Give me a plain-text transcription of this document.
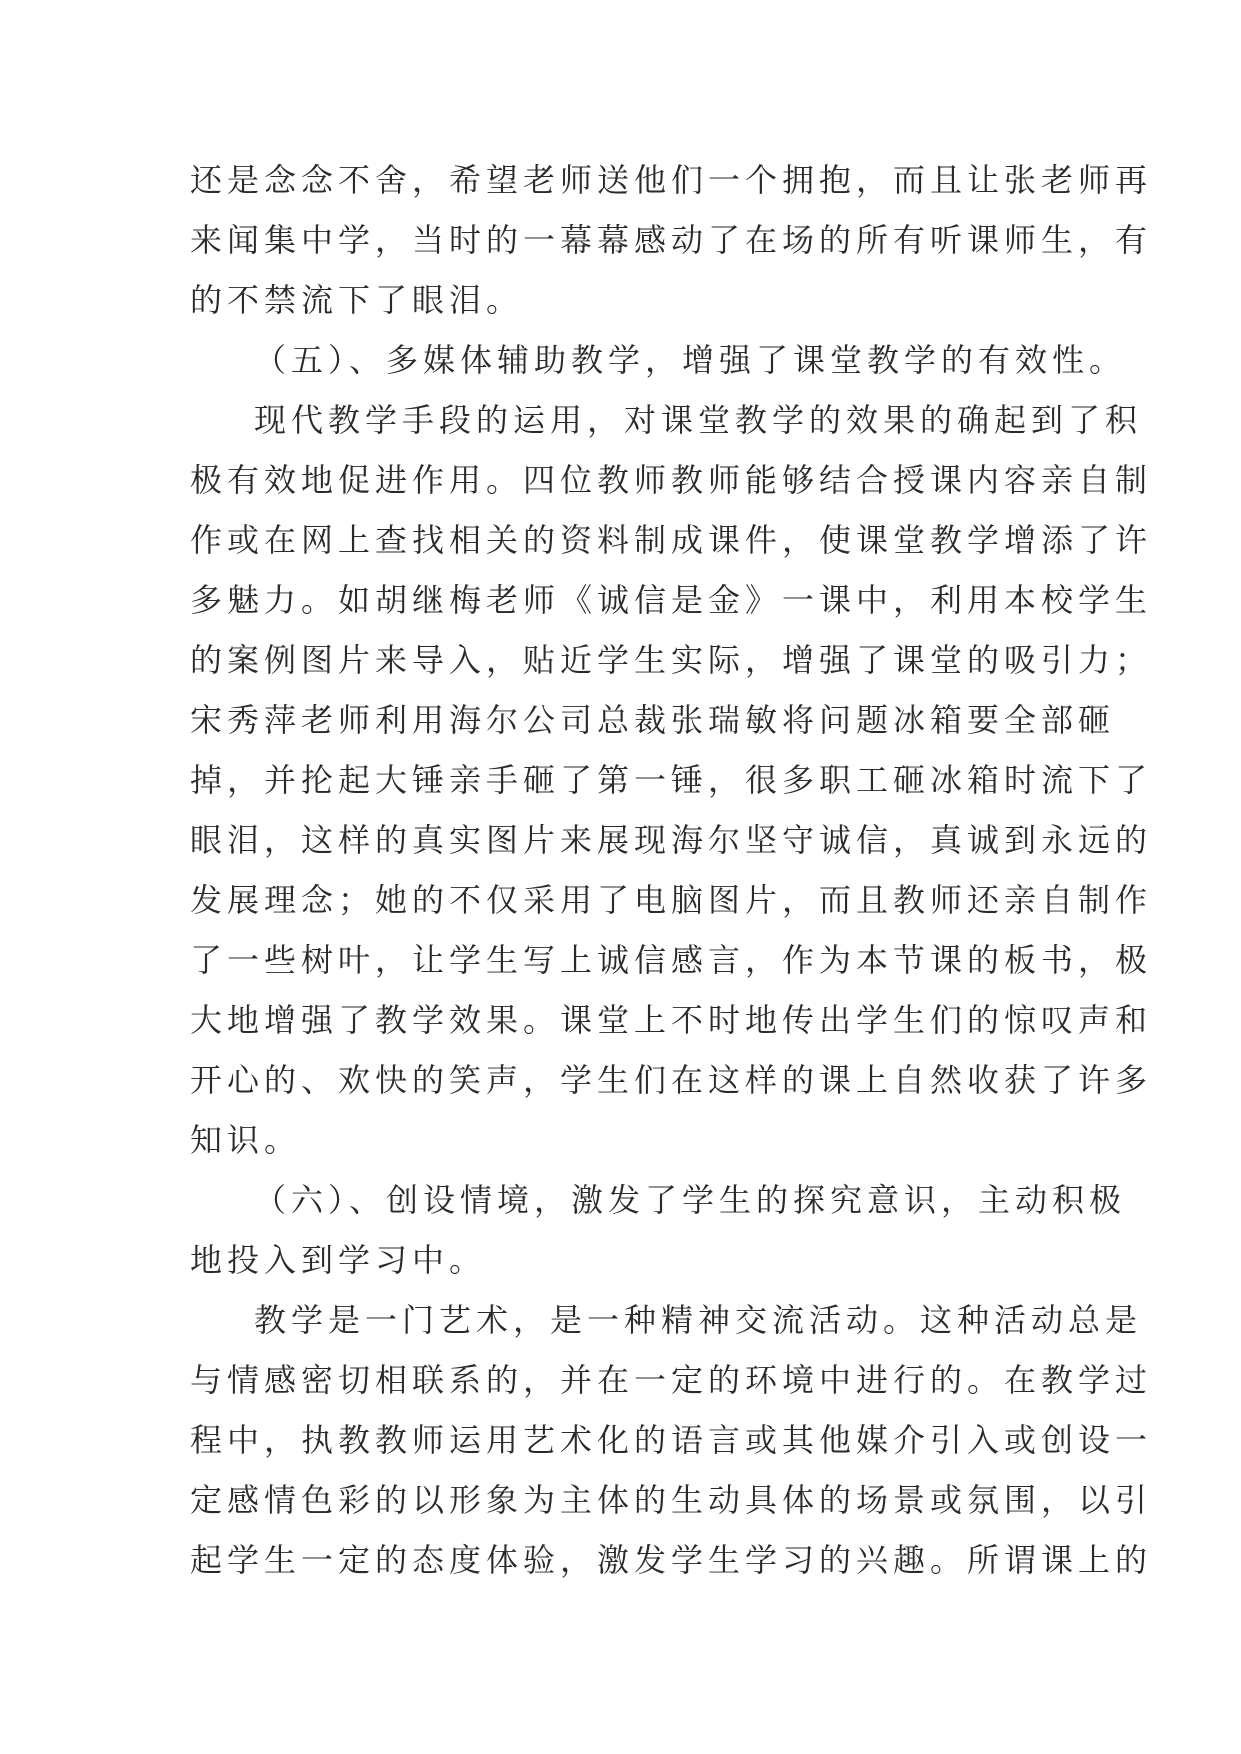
还是念念不舍，希望老师送他们一个拥抱，而且让张老师再
来闻集中学，当时的一幕幕感动了在场的所有听课师生，有
的不禁流下了眼泪。

（五）、多媒体辅助教学，增强了课堂教学的有效性。

现代教学手段的运用，对课堂教学的效果的确起到了积
极有效地促进作用。四位教师教师能够结合授课内容亲自制
作或在网上查找相关的资料制成课件，使课堂教学增添了许
多魅力。如胡继梅老师《诚信是金》一课中，利用本校学生
的案例图片来导入，贴近学生实际，增强了课堂的吸引力；
宋秀萍老师利用海尔公司总裁张瑞敏将问题冰箱要全部砸
掉，并抡起大锤亲手砸了第一锤，很多职工砸冰箱时流下了
眼泪，这样的真实图片来展现海尔坚守诚信，真诚到永远的
发展理念；她的不仅采用了电脑图片，而且教师还亲自制作
了一些树叶，让学生写上诚信感言，作为本节课的板书，极
大地增强了教学效果。课堂上不时地传出学生们的惊叹声和
开心的、欢快的笑声，学生们在这样的课上自然收获了许多
知识。

（六）、创设情境，激发了学生的探究意识，主动积极
地投入到学习中。

教学是一门艺术，是一种精神交流活动。这种活动总是
与情感密切相联系的，并在一定的环境中进行的。在教学过
程中，执教教师运用艺术化的语言或其他媒介引入或创设一
定感情色彩的以形象为主体的生动具体的场景或氛围，以引
起学生一定的态度体验，激发学生学习的兴趣。所谓课上的
